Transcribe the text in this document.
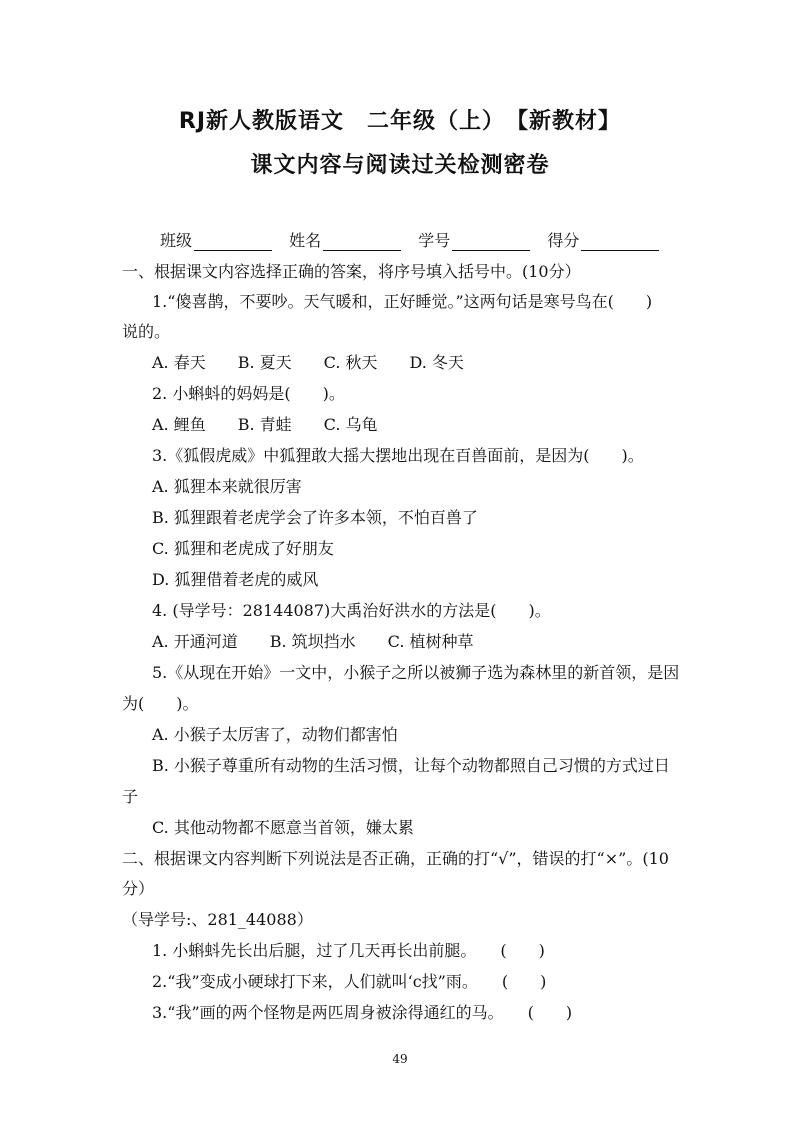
RJ新人教版语文　二年级（上）　【新教材】
课文内容与阅读过关检测密卷
班级	姓名	学号	得分
一、根据课文内容选择正确的答案，将序号填入括号中。(10分）
1.“傻喜鹊，不要吵。天气暖和，正好睡觉。”这两句话是寒号鸟在(　　)
说的。
A. 春天　　B. 夏天　　C. 秋天　　D. 冬天
2. 小蝌蚪的妈妈是(　　)。
A. 鲤鱼　　B. 青蛙　　C. 乌龟
3.《狐假虎威》中狐狸敢大摇大摆地出现在百兽面前，是因为(　　)。
A. 狐狸本来就很厉害
B. 狐狸跟着老虎学会了许多本领，不怕百兽了
C. 狐狸和老虎成了好朋友
D. 狐狸借着老虎的威风
4. (导学号：28144087)大禹治好洪水的方法是(　　)。
A. 开通河道　　B. 筑坝挡水　　C. 植树种草
5.《从现在开始》一文中，小猴子之所以被狮子选为森林里的新首领，是因
为(　　)。
A. 小猴子太厉害了，动物们都害怕
B. 小猴子尊重所有动物的生活习惯，让每个动物都照自己习惯的方式过日
子
C. 其他动物都不愿意当首领，嫌太累
二、根据课文内容判断下列说法是否正确，正确的打“√”，错误的打“×”。(10
分）
（导学号:、281_44088）
1. 小蝌蚪先长出后腿，过了几天再长出前腿。　　(　　)
2.“我”变成小硬球打下来，人们就叫‘c找”雨。　　(　　)
3.“我”画的两个怪物是两匹周身被涂得通红的马。　　(　　)
49
